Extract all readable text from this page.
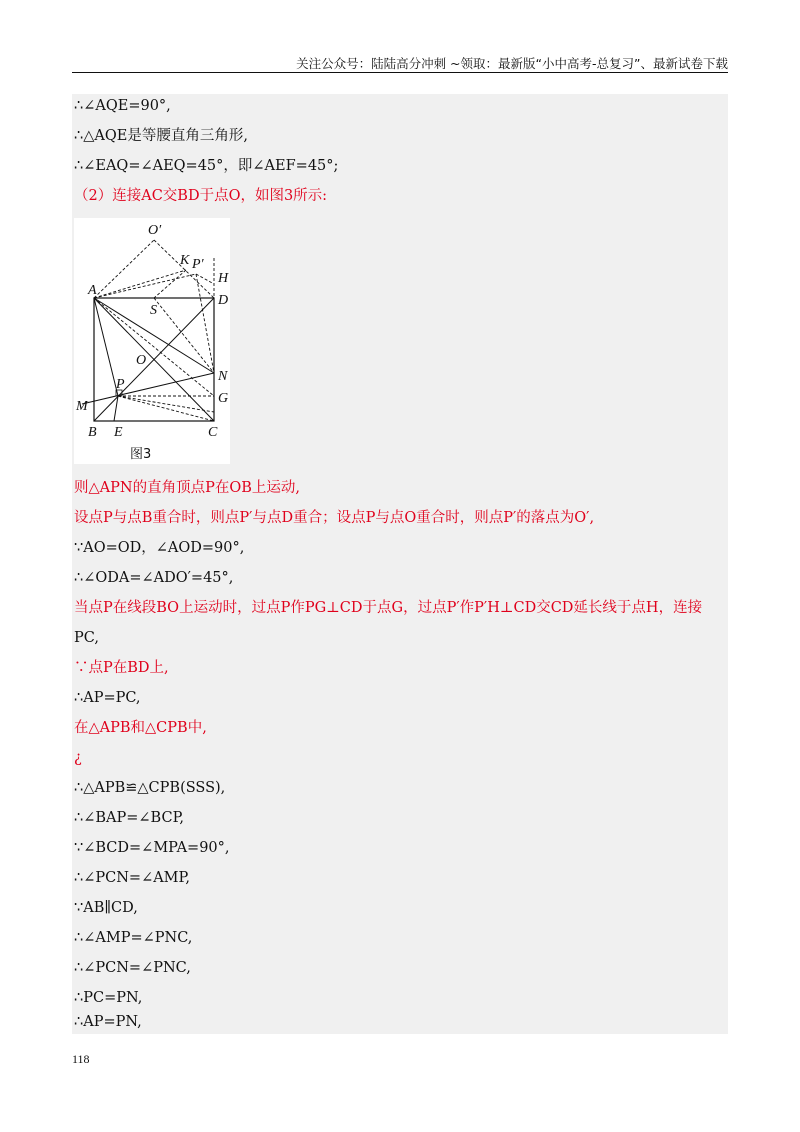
关注公众号：陆陆高分冲刺 ~领取：最新版“小中高考-总复习”、最新试卷下载
∴∠AQE=90°,
∴△AQE是等腰直角三角形,
∴∠EAQ=∠AEQ=45°，即∠AEF=45°;
（2）连接AC交BD于点O，如图3所示:
O′
K P′
H
A
D
S
O
N
P
M
G
B E	C
图3
则△APN的直角顶点P在OB上运动,
设点P与点B重合时，则点P′与点D重合；设点P与点O重合时，则点P′的落点为O′,
∵AO=OD，∠AOD=90°,
∴∠ODA=∠ADO′=45°,
当点P在线段BO上运动时，过点P作PG⊥CD于点G，过点P′作P′H⊥CD交CD延长线于点H，连接
PC,
∵点P在BD上,
∴AP=PC,
在△APB和△CPB中,
¿
∴△APB≌△CPB(SSS),
∴∠BAP=∠BCP,
∵∠BCD=∠MPA=90°,
∴∠PCN=∠AMP,
∵AB∥CD,
∴∠AMP=∠PNC,
∴∠PCN=∠PNC,
∴PC=PN,
∴AP=PN,
118
